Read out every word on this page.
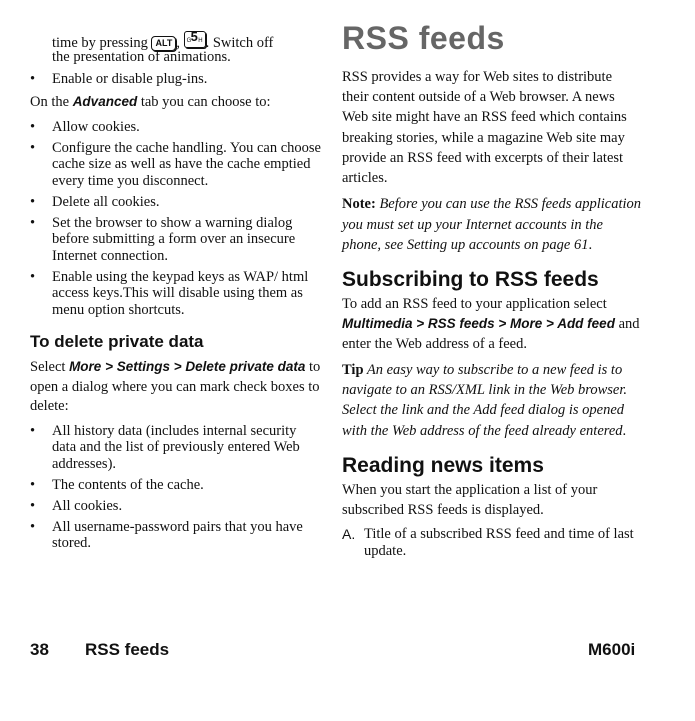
time by pressing ALT , 5
G H . Switch off

the presentation of animations.

• Enable or disable plug-ins.

On the Advanced tab you can choose to:

• Allow cookies.

• Configure the cache handling. You can choose cache size as well as have the cache emptied every time you disconnect.

• Delete all cookies.

• Set the browser to show a warning dialog before submitting a form over an insecure Internet connection.

• Enable using the keypad keys as WAP/ html access keys.This will disable using them as menu option shortcuts.

To delete private data

Select More > Settings > Delete private data to open a dialog where you can mark check boxes to delete:

• All history data (includes internal security data and the list of previously entered Web addresses).

• The contents of the cache.

• All cookies.

• All username-password pairs that you have stored.

RSS feeds

RSS provides a way for Web sites to distribute their content outside of a Web browser. A news Web site might have an RSS feed which contains breaking stories, while a magazine Web site may provide an RSS feed with excerpts of their latest articles.

Note: Before you can use the RSS feeds application you must set up your Internet accounts in the phone, see Setting up accounts on page 61.

Subscribing to RSS feeds

To add an RSS feed to your application select Multimedia > RSS feeds > More > Add feed and enter the Web address of a feed.

Tip An easy way to subscribe to a new feed is to navigate to an RSS/XML link in the Web browser. Select the link and the Add feed dialog is opened with the Web address of the feed already entered.

Reading news items

When you start the application a list of your subscribed RSS feeds is displayed.

A. Title of a subscribed RSS feed and time of last update.
38 RSS feeds	M600i
